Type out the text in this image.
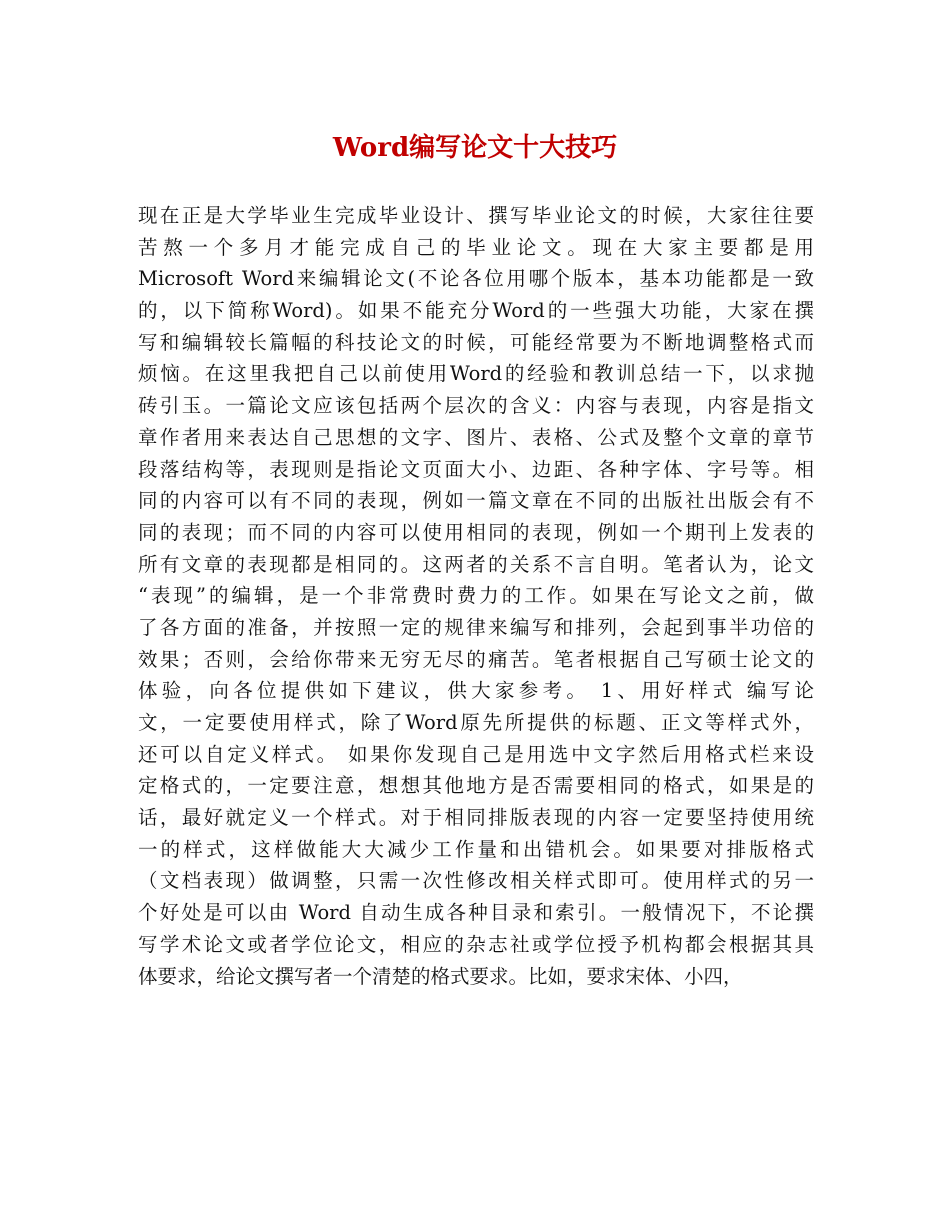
Word编写论文十大技巧
现在正是大学毕业生完成毕业设计、撰写毕业论文的时候，大家往往要
苦熬一个多月才能完成自己的毕业论文。现在大家主要都是用
Microsoft Word来编辑论文(不论各位用哪个版本，基本功能都是一致
的，以下简称Word)。如果不能充分Word的一些强大功能，大家在撰
写和编辑较长篇幅的科技论文的时候，可能经常要为不断地调整格式而
烦恼。在这里我把自己以前使用Word的经验和教训总结一下，以求抛
砖引玉。一篇论文应该包括两个层次的含义：内容与表现，内容是指文
章作者用来表达自己思想的文字、图片、表格、公式及整个文章的章节
段落结构等，表现则是指论文页面大小、边距、各种字体、字号等。相
同的内容可以有不同的表现，例如一篇文章在不同的出版社出版会有不
同的表现；而不同的内容可以使用相同的表现，例如一个期刊上发表的
所有文章的表现都是相同的。这两者的关系不言自明。笔者认为，论文
“表现”的编辑，是一个非常费时费力的工作。如果在写论文之前，做
了各方面的准备，并按照一定的规律来编写和排列，会起到事半功倍的
效果；否则，会给你带来无穷无尽的痛苦。笔者根据自己写硕士论文的
体验，向各位提供如下建议，供大家参考。 1、用好样式 编写论
文，一定要使用样式，除了Word原先所提供的标题、正文等样式外，
还可以自定义样式。 如果你发现自己是用选中文字然后用格式栏来设
定格式的，一定要注意，想想其他地方是否需要相同的格式，如果是的
话，最好就定义一个样式。对于相同排版表现的内容一定要坚持使用统
一的样式，这样做能大大减少工作量和出错机会。如果要对排版格式
（文档表现）做调整，只需一次性修改相关样式即可。使用样式的另一
个好处是可以由 Word 自动生成各种目录和索引。一般情况下，不论撰
写学术论文或者学位论文，相应的杂志社或学位授予机构都会根据其具
体要求，给论文撰写者一个清楚的格式要求。比如，要求宋体、小四，
